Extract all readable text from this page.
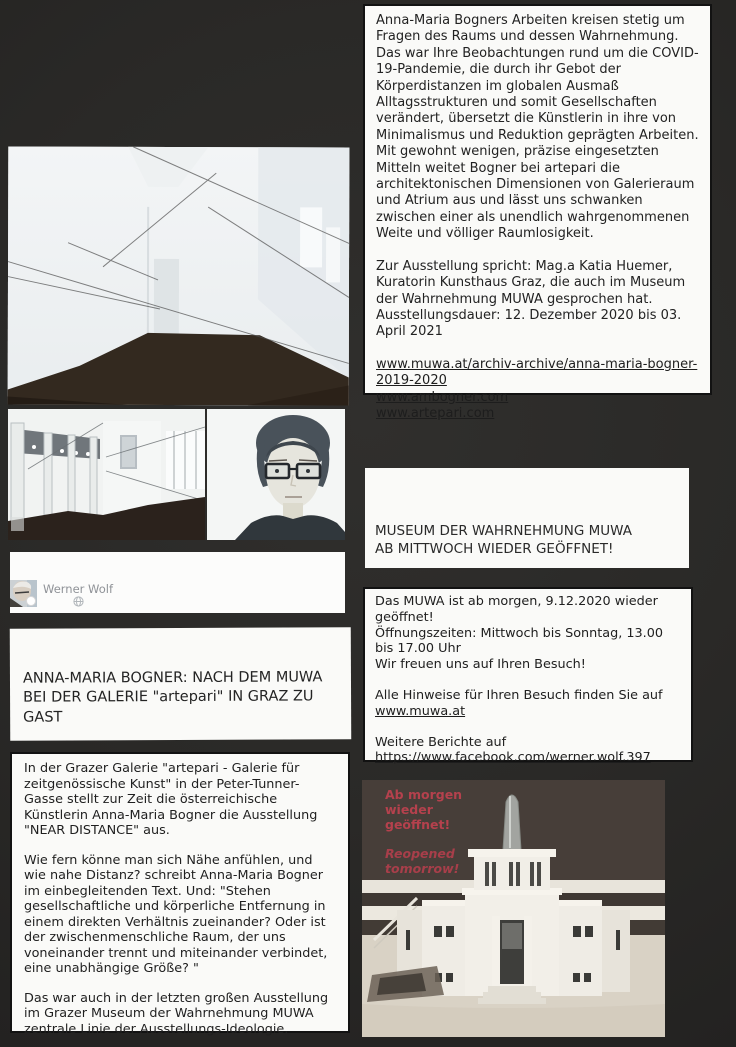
Anna-Maria Bogners Arbeiten kreisen stetig um Fragen des Raums und dessen Wahrnehmung. Das war Ihre Beobachtungen rund um die COVID-19-Pandemie, die durch ihr Gebot der Körperdistanzen im globalen Ausmaß Alltagsstrukturen und somit Gesellschaften verändert, übersetzt die Künstlerin in ihre von Minimalismus und Reduktion geprägten Arbeiten. Mit gewohnt wenigen, präzise eingesetzten Mitteln weitet Bogner bei artepari die architektonischen Dimensionen von Galerieraum und Atrium aus und lässt uns schwanken zwischen einer als unendlich wahrgenommenen Weite und völliger Raumlosigkeit.

Zur Ausstellung spricht: Mag.a Katia Huemer, Kuratorin Kunsthaus Graz, die auch im Museum der Wahrnehmung MUWA gesprochen hat. Ausstellungsdauer: 12. Dezember 2020 bis 03. April 2021

www.muwa.at/archiv-archive/anna-maria-bogner-2019-2020
www.ambogner.com
www.artepari.com
Werner Wolf
ANNA-MARIA BOGNER: NACH DEM MUWA
BEI DER GALERIE "artepari" IN GRAZ ZU GAST

In der Grazer Galerie "artepari - Galerie für zeitgenössische Kunst" in der Peter-Tunner-Gasse stellt zur Zeit die österreichische Künstlerin Anna-Maria Bogner die Ausstellung "NEAR DISTANCE" aus.

Wie fern könne man sich Nähe anfühlen, und wie nahe Distanz? schreibt Anna-Maria Bogner im einbegleitenden Text. Und: "Stehen gesellschaftliche und körperliche Entfernung in einem direkten Verhältnis zueinander? Oder ist der zwischenmenschliche Raum, der uns voneinander trennt und miteinander verbindet, eine unabhängige Größe? "

Das war auch in der letzten großen Ausstellung im Grazer Museum der Wahrnehmung MUWA zentrale Linie der Ausstellungs-Ideologie.

MUSEUM DER WAHRNEHMUNG MUWA
AB MITTWOCH WIEDER GEÖFFNET!
Das MUWA ist ab morgen, 9.12.2020 wieder geöffnet!
Öffnungszeiten: Mittwoch bis Sonntag, 13.00 bis 17.00 Uhr
Wir freuen uns auf Ihren Besuch!
Alle Hinweise für Ihren Besuch finden Sie auf
www.muwa.at
Weitere Berichte auf
https://www.facebook.com/werner.wolf.397
Ab morgen wieder geöffnet!
Reopened tomorrow!
